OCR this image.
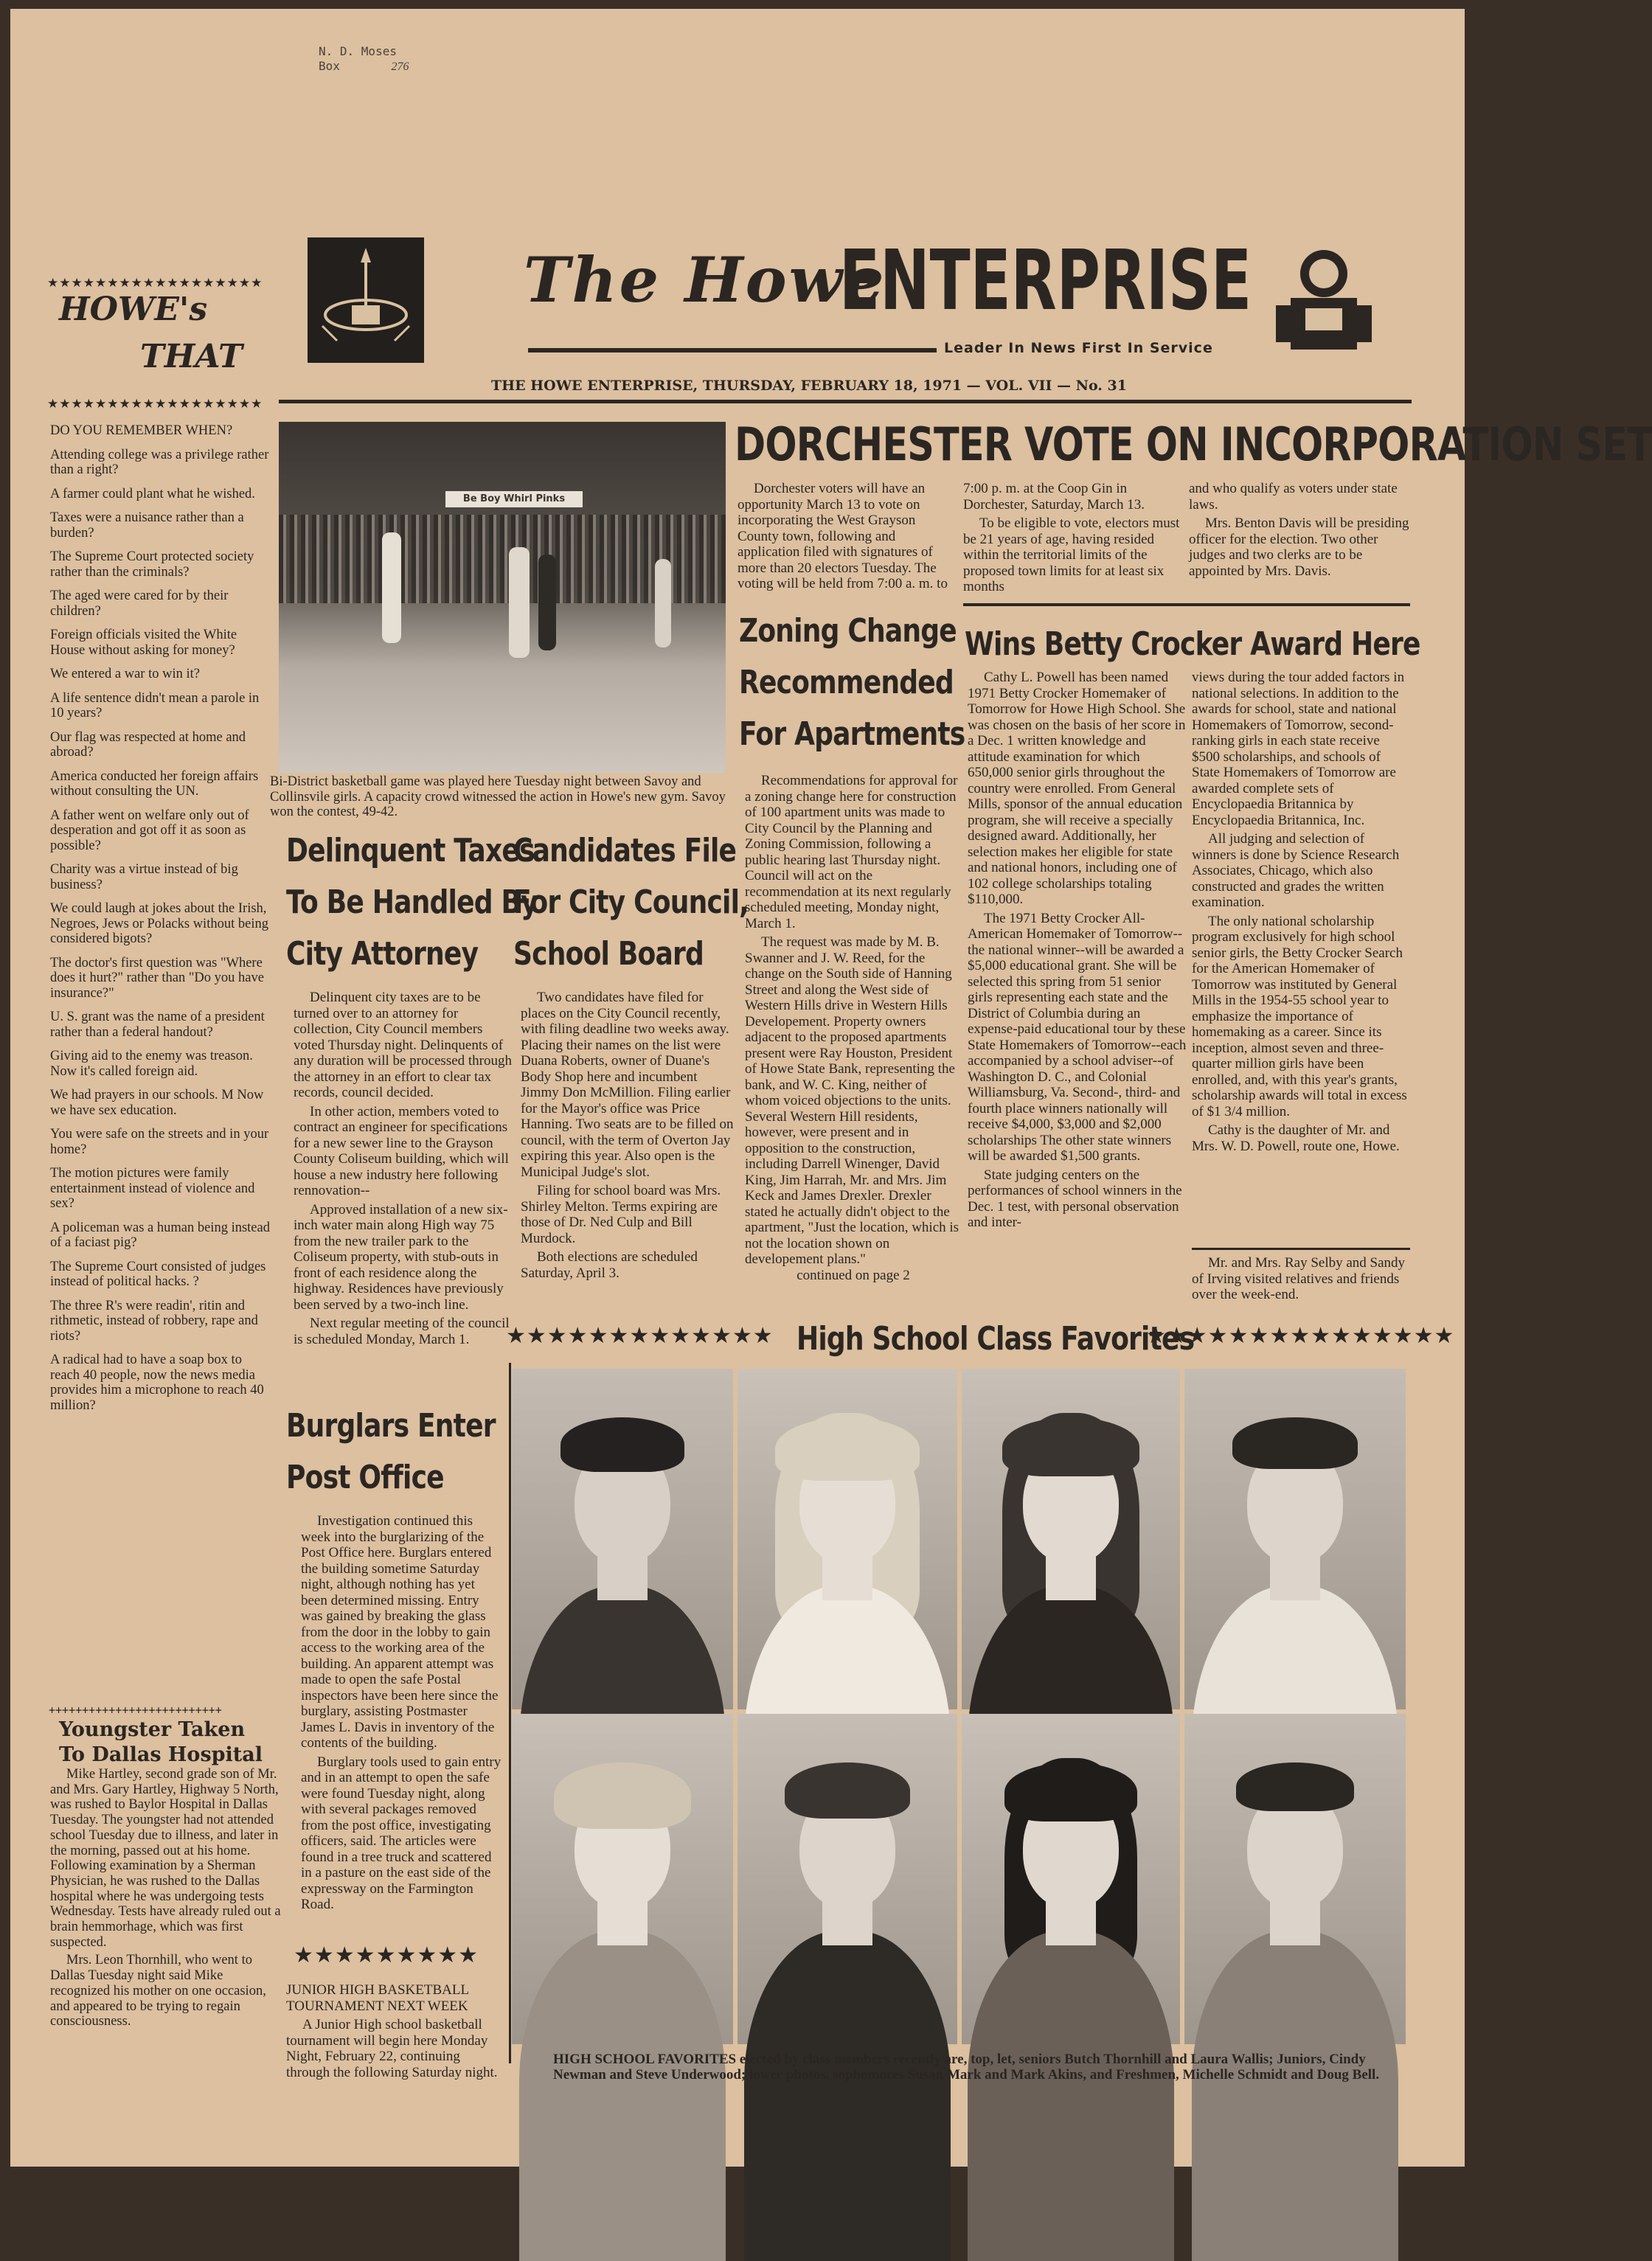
N. D. Moses
Box	276
The Howe
ENTERPRISE
Leader In News First In Service
THE HOWE ENTERPRISE, THURSDAY, FEBRUARY 18, 1971 — VOL. VII — No. 31
★★★★★★★★★★★★★★★★★★
HOWE's
THAT
★★★★★★★★★★★★★★★★★★

DO YOU REMEMBER WHEN?

Attending college was a privilege rather than a right?

A farmer could plant what he wished.

Taxes were a nuisance rather than a burden?

The Supreme Court protected society rather than the criminals?

The aged were cared for by their children?

Foreign officials visited the White House without asking for money?

We entered a war to win it?

A life sentence didn't mean a parole in 10 years?

Our flag was respected at home and abroad?

America conducted her foreign affairs without consulting the UN.

A father went on welfare only out of desperation and got off it as soon as possible?

Charity was a virtue instead of big business?

We could laugh at jokes about the Irish, Negroes, Jews or Polacks without being considered bigots?

The doctor's first question was "Where does it hurt?" rather than "Do you have insurance?"

U. S. grant was the name of a president rather than a federal handout?

Giving aid to the enemy was treason. Now it's called foreign aid.

We had prayers in our schools. M Now we have sex education.

You were safe on the streets and in your home?

The motion pictures were family entertainment instead of violence and sex?

A policeman was a human being instead of a faciast pig?

The Supreme Court consisted of judges instead of political hacks. ?

The three R's were readin', ritin and rithmetic, instead of robbery, rape and riots?

A radical had to have a soap box to reach 40 people, now the news media provides him a microphone to reach 40 million?

++++++++++++++++++++++++++
Youngster Taken
To Dallas Hospital

Mike Hartley, second grade son of Mr. and Mrs. Gary Hartley, Highway 5 North, was rushed to Baylor Hospital in Dallas Tuesday. The youngster had not attended school Tuesday due to illness, and later in the morning, passed out at his home. Following examination by a Sherman Physician, he was rushed to the Dallas hospital where he was undergoing tests Wednesday. Tests have already ruled out a brain hemmorhage, which was first suspected.

Mrs. Leon Thornhill, who went to Dallas Tuesday night said Mike recognized his mother on one occasion, and appeared to be trying to regain consciousness.

Be Boy Whirl Pinks
Bi-District basketball game was played here Tuesday night between Savoy and Collinsvile girls. A capacity crowd witnessed the action in Howe's new gym. Savoy won the contest, 49-42.
DORCHESTER VOTE ON INCORPORATION SET
Dorchester voters will have an opportunity March 13 to vote on incorporating the West Grayson County town, following and application filed with signatures of more than 20 electors Tuesday. The voting will be held from 7:00 a. m. to

7:00 p. m. at the Coop Gin in Dorchester, Saturday, March 13.

To be eligible to vote, electors must be 21 years of age, having resided within the territorial limits of the proposed town limits for at least six months

and who qualify as voters under state laws.

Mrs. Benton Davis will be presiding officer for the election. Two other judges and two clerks are to be appointed by Mrs. Davis.

Zoning Change
Recommended
For Apartments

Recommendations for approval for a zoning change here for construction of 100 apartment units was made to City Council by the Planning and Zoning Commission, following a public hearing last Thursday night. Council will act on the recommendation at its next regularly scheduled meeting, Monday night, March 1.

The request was made by M. B. Swanner and J. W. Reed, for the change on the South side of Hanning Street and along the West side of Western Hills drive in Western Hills Developement. Property owners adjacent to the proposed apartments present were Ray Houston, President of Howe State Bank, representing the bank, and W. C. King, neither of whom voiced objections to the units. Several Western Hill residents, however, were present and in opposition to the construction, including Darrell Winenger, David King, Jim Harrah, Mr. and Mrs. Jim Keck and James Drexler. Drexler stated he actually didn't object to the apartment, "Just the location, which is not the location shown on developement plans."

continued on page 2

Wins Betty Crocker Award Here

Cathy L. Powell has been named 1971 Betty Crocker Homemaker of Tomorrow for Howe High School. She was chosen on the basis of her score in a Dec. 1 written knowledge and attitude examination for which 650,000 senior girls throughout the country were enrolled. From General Mills, sponsor of the annual education program, she will receive a specially designed award. Additionally, her selection makes her eligible for state and national honors, including one of 102 college scholarships totaling $110,000.

The 1971 Betty Crocker All-American Homemaker of Tomorrow--the national winner--will be awarded a $5,000 educational grant. She will be selected this spring from 51 senior girls representing each state and the District of Columbia during an expense-paid educational tour by these State Homemakers of Tomorrow--each accompanied by a school adviser--of Washington D. C., and Colonial Williamsburg, Va. Second-, third- and fourth place winners nationally will receive $4,000, $3,000 and $2,000 scholarships The other state winners will be awarded $1,500 grants.

State judging centers on the performances of school winners in the Dec. 1 test, with personal observation and inter-

views during the tour added factors in national selections. In addition to the awards for school, state and national Homemakers of Tomorrow, second-ranking girls in each state receive $500 scholarships, and schools of State Homemakers of Tomorrow are awarded complete sets of Encyclopaedia Britannica by Encyclopaedia Britannica, Inc.

All judging and selection of winners is done by Science Research Associates, Chicago, which also constructed and grades the written examination.

The only national scholarship program exclusively for high school senior girls, the Betty Crocker Search for the American Homemaker of Tomorrow was instituted by General Mills in the 1954-55 school year to emphasize the importance of homemaking as a career. Since its inception, almost seven and three-quarter million girls have been enrolled, and, with this year's grants, scholarship awards will total in excess of $1 3/4 million.

Cathy is the daughter of Mr. and Mrs. W. D. Powell, route one, Howe.

Mr. and Mrs. Ray Selby and Sandy of Irving visited relatives and friends over the week-end.
Delinquent Taxes
To Be Handled By
City Attorney

Delinquent city taxes are to be turned over to an attorney for collection, City Council members voted Thursday night. Delinquents of any duration will be processed through the attorney in an effort to clear tax records, council decided.

In other action, members voted to contract an engineer for specifications for a new sewer line to the Grayson County Coliseum building, which will house a new industry here following rennovation--

Approved installation of a new six-inch water main along High way 75 from the new trailer park to the Coliseum property, with stub-outs in front of each residence along the highway. Residences have previously been served by a two-inch line.

Next regular meeting of the council is scheduled Monday, March 1.

Candidates File
For City Council,
School Board

Two candidates have filed for places on the City Council recently, with filing deadline two weeks away. Placing their names on the list were Duana Roberts, owner of Duane's Body Shop here and incumbent Jimmy Don McMillion. Filing earlier for the Mayor's office was Price Hanning. Two seats are to be filled on council, with the term of Overton Jay expiring this year. Also open is the Municipal Judge's slot.

Filing for school board was Mrs. Shirley Melton. Terms expiring are those of Dr. Ned Culp and Bill Murdock.

Both elections are scheduled Saturday, April 3.

Burglars Enter
Post Office

Investigation continued this week into the burglarizing of the Post Office here. Burglars entered the building sometime Saturday night, although nothing has yet been determined missing. Entry was gained by breaking the glass from the door in the lobby to gain access to the working area of the building. An apparent attempt was made to open the safe Postal inspectors have been here since the burglary, assisting Postmaster James L. Davis in inventory of the contents of the building.

Burglary tools used to gain entry and in an attempt to open the safe were found Tuesday night, along with several packages removed from the post office, investigating officers, said. The articles were found in a tree truck and scattered in a pasture on the east side of the expressway on the Farmington Road.

★★★★★★★★★

JUNIOR HIGH BASKETBALL TOURNAMENT NEXT WEEK

A Junior High school basketball tournament will begin here Monday Night, February 22, continuing through the following Saturday night.

★★★★★★★★★★★★★ High School Class Favorites
★★★★★★★★★★★★★★★
HIGH SCHOOL FAVORITES elected by class members recently are, top, let, seniors Butch Thornhill and Laura Wallis; Juniors, Cindy Newman and Steve Underwood; lower photos, sophomores Susan Mark and Mark Akins, and Freshmen, Michelle Schmidt and Doug Bell.
